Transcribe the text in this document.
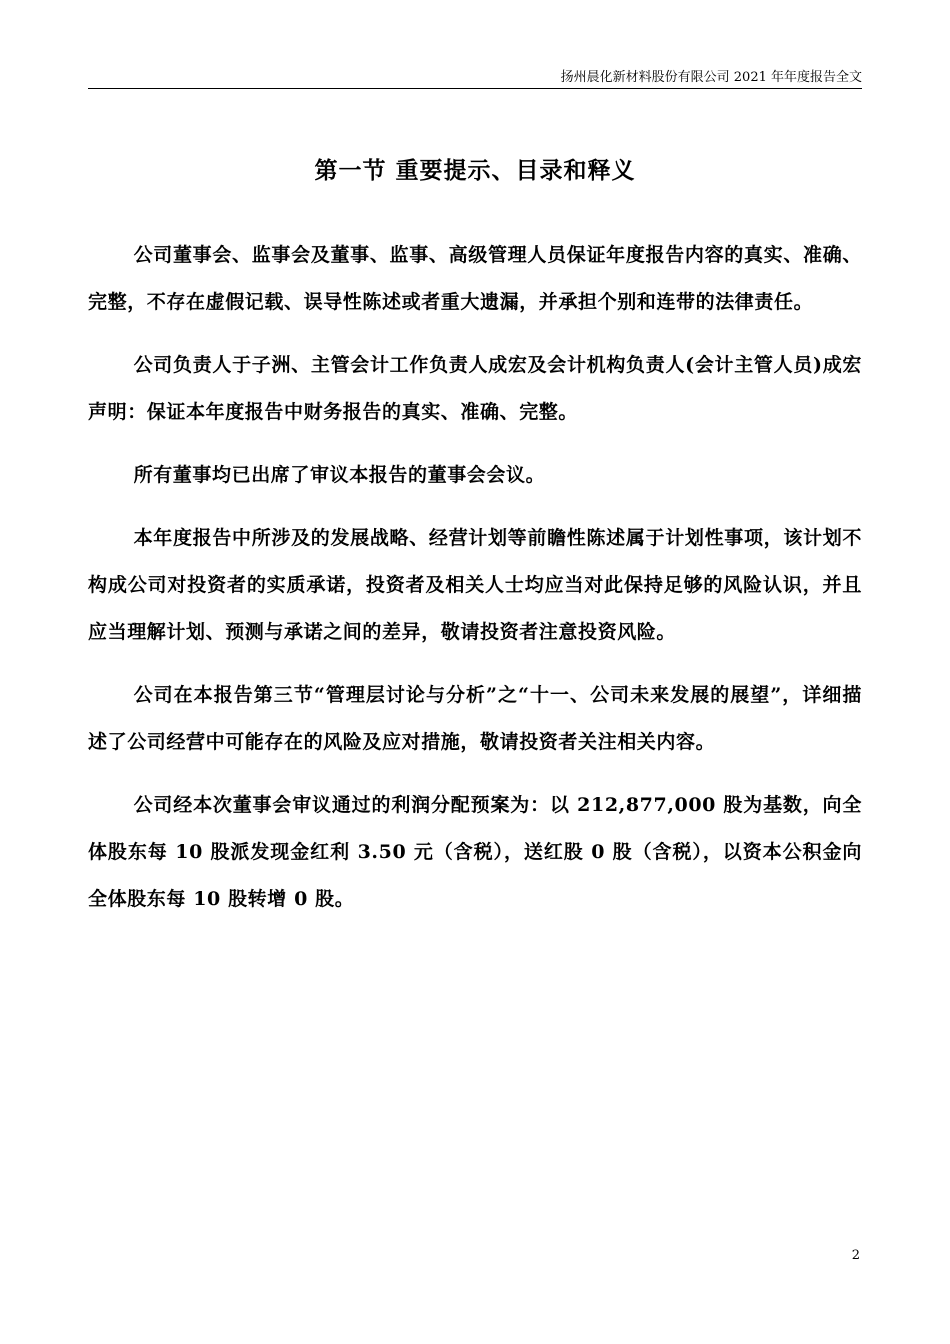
扬州晨化新材料股份有限公司 2021 年年度报告全文
第一节 重要提示、目录和释义

公司董事会、监事会及董事、监事、高级管理人员保证年度报告内容的真实、准确、完整，不存在虚假记载、误导性陈述或者重大遗漏，并承担个别和连带的法律责任。

公司负责人于子洲、主管会计工作负责人成宏及会计机构负责人(会计主管人员)成宏声明：保证本年度报告中财务报告的真实、准确、完整。

所有董事均已出席了审议本报告的董事会会议。

本年度报告中所涉及的发展战略、经营计划等前瞻性陈述属于计划性事项，该计划不构成公司对投资者的实质承诺，投资者及相关人士均应当对此保持足够的风险认识，并且应当理解计划、预测与承诺之间的差异，敬请投资者注意投资风险。

公司在本报告第三节“管理层讨论与分析”之“十一、公司未来发展的展望”，详细描述了公司经营中可能存在的风险及应对措施，敬请投资者关注相关内容。

公司经本次董事会审议通过的利润分配预案为：以 212,877,000 股为基数，向全体股东每 10 股派发现金红利 3.50 元（含税），送红股 0 股（含税），以资本公积金向全体股东每 10 股转增 0 股。

2
